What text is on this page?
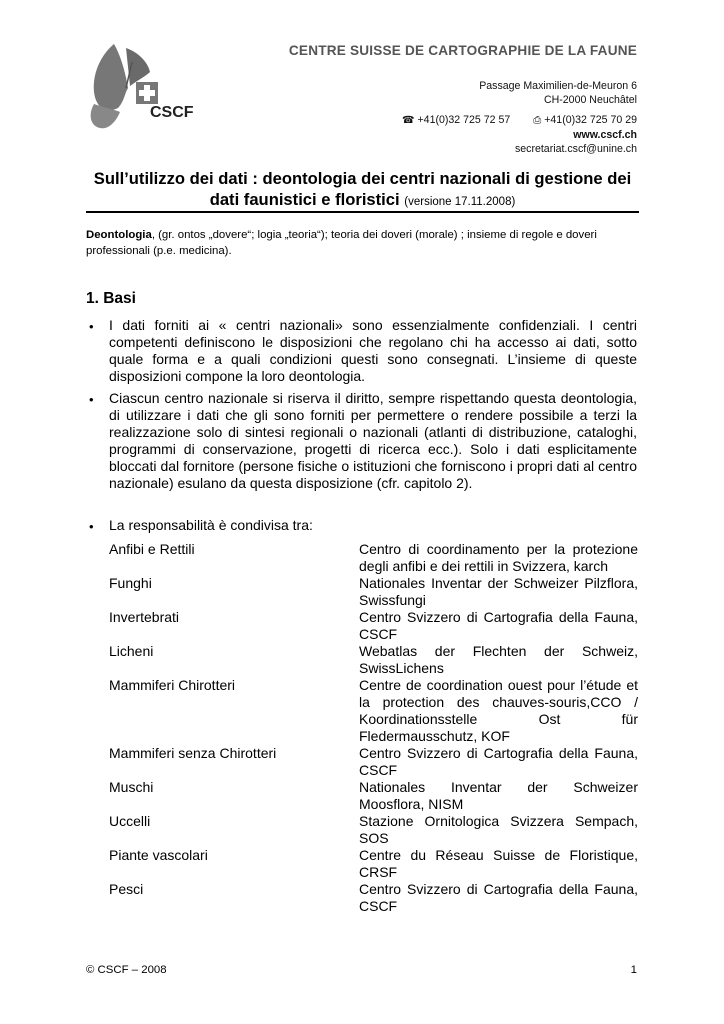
CSCF
CENTRE SUISSE DE CARTOGRAPHIE DE LA FAUNE
Passage Maximilien-de-Meuron 6
CH-2000 Neuchâtel
☎ +41(0)32 725 72 57 ⎙ +41(0)32 725 70 29
www.cscf.ch
secretariat.cscf@unine.ch
Sull’utilizzo dei dati : deontologia dei centri nazionali di gestione dei
dati faunistici e floristici (versione 17.11.2008)
Deontologia, (gr. ontos „dovere“; logia „teoria“); teoria dei doveri (morale) ; insieme di regole e doveri professionali (p.e. medicina).
1. Basi
• I dati forniti ai « centri nazionali» sono essenzialmente confidenziali. I centri competenti definiscono le disposizioni che regolano chi ha accesso ai dati, sotto quale forma e a quali condizioni questi sono consegnati. L’insieme di queste disposizioni compone la loro deontologia.
• Ciascun centro nazionale si riserva il diritto, sempre rispettando questa deontologia, di utilizzare i dati che gli sono forniti per permettere o rendere possibile a terzi la realizzazione solo di sintesi regionali o nazionali (atlanti di distribuzione, cataloghi, programmi di conservazione, progetti di ricerca ecc.). Solo i dati esplicitamente bloccati dal fornitore (persone fisiche o istituzioni che forniscono i propri dati al centro nazionale) esulano da questa disposizione (cfr. capitolo 2).
• La responsabilità è condivisa tra:
Anfibi e Rettili	Centro di coordinamento per la protezione degli anfibi e dei rettili in Svizzera, karch
Funghi	Nationales Inventar der Schweizer Pilzflora, Swissfungi
Invertebrati	Centro Svizzero di Cartografia della Fauna, CSCF
Licheni	Webatlas der Flechten der Schweiz, SwissLichens
Mammiferi Chirotteri	Centre de coordination ouest pour l’étude et la protection des chauves-souris,CCO / Koordinationsstelle Ost für Fledermausschutz, KOF
Mammiferi senza Chirotteri	Centro Svizzero di Cartografia della Fauna, CSCF
Muschi	Nationales Inventar der Schweizer Moosflora, NISM
Uccelli	Stazione Ornitologica Svizzera Sempach, SOS
Piante vascolari	Centre du Réseau Suisse de Floristique, CRSF
Pesci	Centro Svizzero di Cartografia della Fauna, CSCF
© CSCF – 2008	1
